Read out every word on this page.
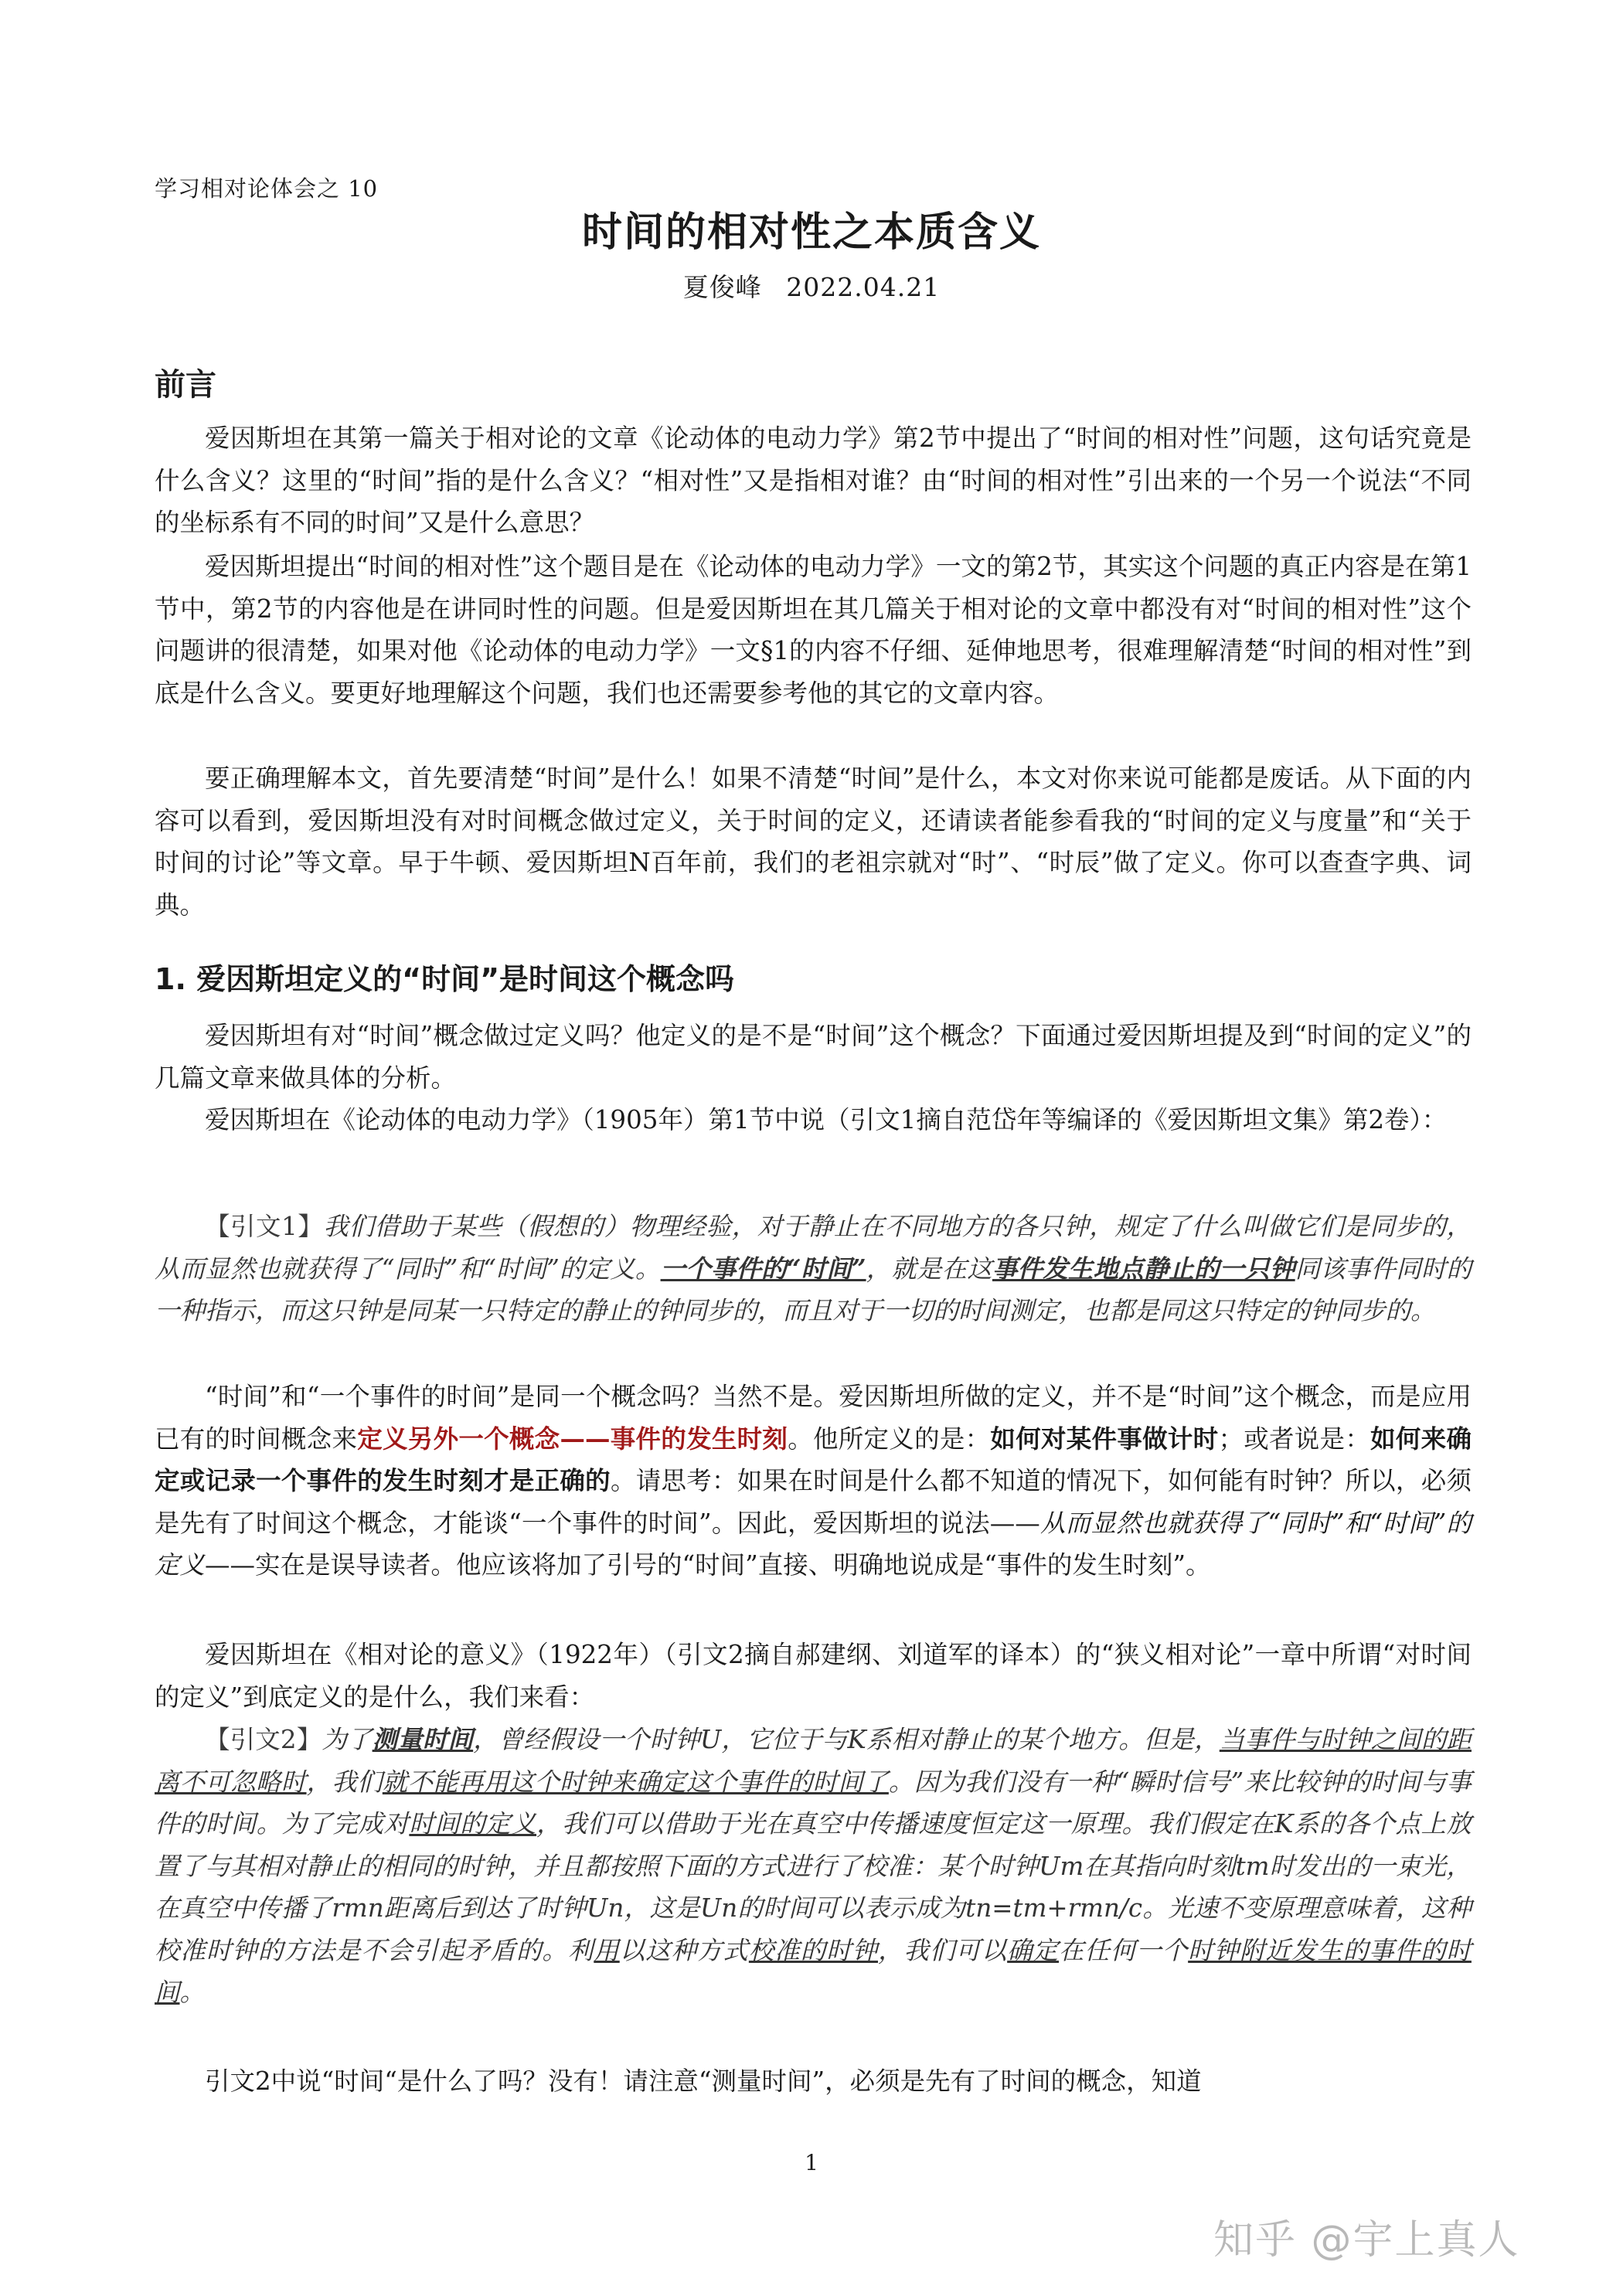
学习相对论体会之 10
时间的相对性之本质含义
夏俊峰 2022.04.21
前言

爱因斯坦在其第一篇关于相对论的文章《论动体的电动力学》第2节中提出了“时间的相对性”问题，这句话究竟是什么含义？这里的“时间”指的是什么含义？“相对性”又是指相对谁？由“时间的相对性”引出来的一个另一个说法“不同的坐标系有不同的时间”又是什么意思？

爱因斯坦提出“时间的相对性”这个题目是在《论动体的电动力学》一文的第2节，其实这个问题的真正内容是在第1节中，第2节的内容他是在讲同时性的问题。但是爱因斯坦在其几篇关于相对论的文章中都没有对“时间的相对性”这个问题讲的很清楚，如果对他《论动体的电动力学》一文§1的内容不仔细、延伸地思考，很难理解清楚“时间的相对性”到底是什么含义。要更好地理解这个问题，我们也还需要参考他的其它的文章内容。

要正确理解本文，首先要清楚“时间”是什么！如果不清楚“时间”是什么，本文对你来说可能都是废话。从下面的内容可以看到，爱因斯坦没有对时间概念做过定义，关于时间的定义，还请读者能参看我的“时间的定义与度量”和“关于时间的讨论”等文章。早于牛顿、爱因斯坦N百年前，我们的老祖宗就对“时”、“时辰”做了定义。你可以查查字典、词典。

1. 爱因斯坦定义的“时间”是时间这个概念吗

爱因斯坦有对“时间”概念做过定义吗？他定义的是不是“时间”这个概念？下面通过爱因斯坦提及到“时间的定义”的几篇文章来做具体的分析。

爱因斯坦在《论动体的电动力学》（1905年）第1节中说（引文1摘自范岱年等编译的《爱因斯坦文集》第2卷）：

【引文1】我们借助于某些（假想的）物理经验，对于静止在不同地方的各只钟，规定了什么叫做它们是同步的，从而显然也就获得了“同时”和“时间”的定义。一个事件的“时间”，就是在这事件发生地点静止的一只钟同该事件同时的一种指示，而这只钟是同某一只特定的静止的钟同步的，而且对于一切的时间测定，也都是同这只特定的钟同步的。

“时间”和“一个事件的时间”是同一个概念吗？当然不是。爱因斯坦所做的定义，并不是“时间”这个概念，而是应用已有的时间概念来定义另外一个概念——事件的发生时刻。他所定义的是：如何对某件事做计时；或者说是：如何来确定或记录一个事件的发生时刻才是正确的。请思考：如果在时间是什么都不知道的情况下，如何能有时钟？所以，必须是先有了时间这个概念，才能谈“一个事件的时间”。因此，爱因斯坦的说法——从而显然也就获得了“同时”和“时间”的定义——实在是误导读者。他应该将加了引号的“时间”直接、明确地说成是“事件的发生时刻”。

爱因斯坦在《相对论的意义》（1922年）（引文2摘自郝建纲、刘道军的译本）的“狭义相对论”一章中所谓“对时间的定义”到底定义的是什么，我们来看：

【引文2】为了测量时间，曾经假设一个时钟U，它位于与K系相对静止的某个地方。但是，当事件与时钟之间的距离不可忽略时，我们就不能再用这个时钟来确定这个事件的时间了。因为我们没有一种“瞬时信号”来比较钟的时间与事件的时间。为了完成对时间的定义，我们可以借助于光在真空中传播速度恒定这一原理。我们假定在K系的各个点上放置了与其相对静止的相同的时钟，并且都按照下面的方式进行了校准：某个时钟Um在其指向时刻tm时发出的一束光，在真空中传播了rmn距离后到达了时钟Un，这是Un的时间可以表示成为tn=tm+rmn/c。光速不变原理意味着，这种校准时钟的方法是不会引起矛盾的。利用以这种方式校准的时钟，我们可以确定在任何一个时钟附近发生的事件的时间。

引文2中说“时间“是什么了吗？没有！请注意“测量时间”，必须是先有了时间的概念，知道

1
知乎 @宇上真人
